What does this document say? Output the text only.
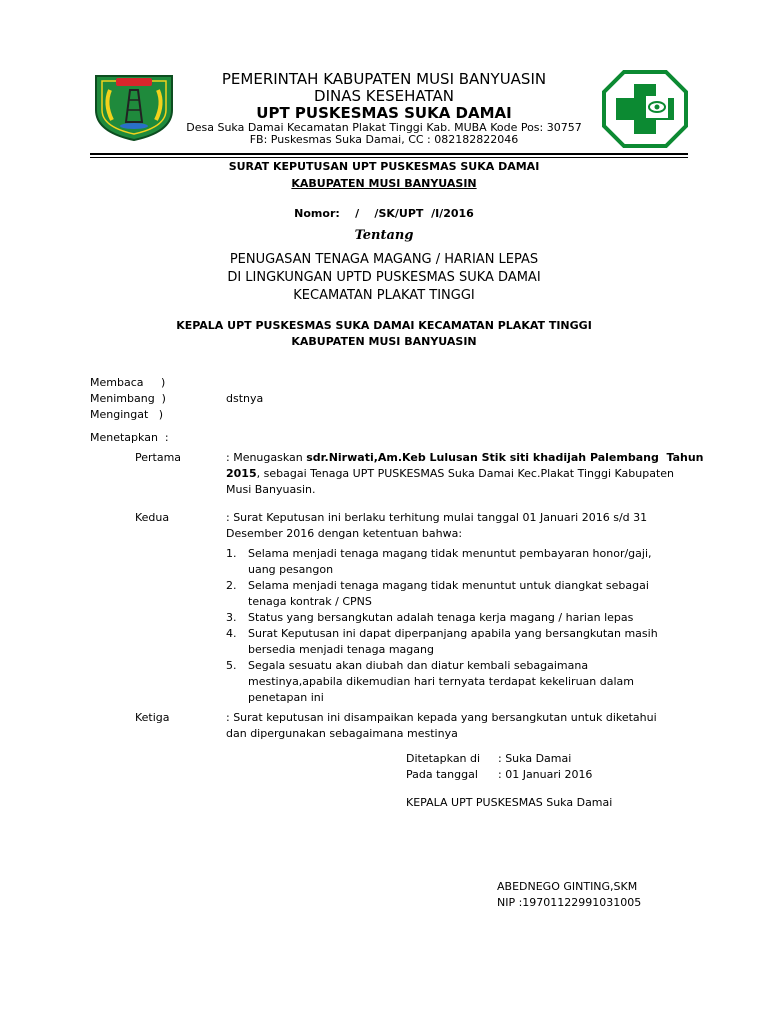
PEMERINTAH KABUPATEN MUSI BANYUASIN
DINAS KESEHATAN
UPT PUSKESMAS SUKA DAMAI
Desa Suka Damai Kecamatan Plakat Tinggi Kab. MUBA Kode Pos: 30757
FB: Puskesmas Suka Damai, CC : 082182822046
SURAT KEPUTUSAN UPT PUSKESMAS SUKA DAMAI
KABUPATEN MUSI BANYUASIN
Nomor:    /    /SK/UPT  /I/2016
Tentang
PENUGASAN TENAGA MAGANG / HARIAN LEPAS
DI LINGKUNGAN UPTD PUSKESMAS SUKA DAMAI
KECAMATAN PLAKAT TINGGI
KEPALA UPT PUSKESMAS SUKA DAMAI KECAMATAN PLAKAT TINGGI
KABUPATEN MUSI BANYUASIN
Membaca     )
Menimbang  )
Mengingat   )
dstnya
Menetapkan  :
Pertama	: Menugaskan sdr.Nirwati,Am.Keb Lulusan Stik siti khadijah Palembang  Tahun
2015, sebagai Tenaga UPT PUSKESMAS Suka Damai Kec.Plakat Tinggi Kabupaten
Musi Banyuasin.
Kedua	: Surat Keputusan ini berlaku terhitung mulai tanggal 01 Januari 2016 s/d 31
Desember 2016 dengan ketentuan bahwa:
1. Selama menjadi tenaga magang tidak menuntut pembayaran honor/gaji,
uang pesangon
2. Selama menjadi tenaga magang tidak menuntut untuk diangkat sebagai
tenaga kontrak / CPNS
3. Status yang bersangkutan adalah tenaga kerja magang / harian lepas
4. Surat Keputusan ini dapat diperpanjang apabila yang bersangkutan masih
bersedia menjadi tenaga magang
5. Segala sesuatu akan diubah dan diatur kembali sebagaimana
mestinya,apabila dikemudian hari ternyata terdapat kekeliruan dalam
penetapan ini
Ketiga	: Surat keputusan ini disampaikan kepada yang bersangkutan untuk diketahui
dan dipergunakan sebagaimana mestinya
Ditetapkan di : Suka Damai
Pada tanggal : 01 Januari 2016
KEPALA UPT PUSKESMAS Suka Damai
ABEDNEGO GINTING,SKM
NIP :19701122991031005
